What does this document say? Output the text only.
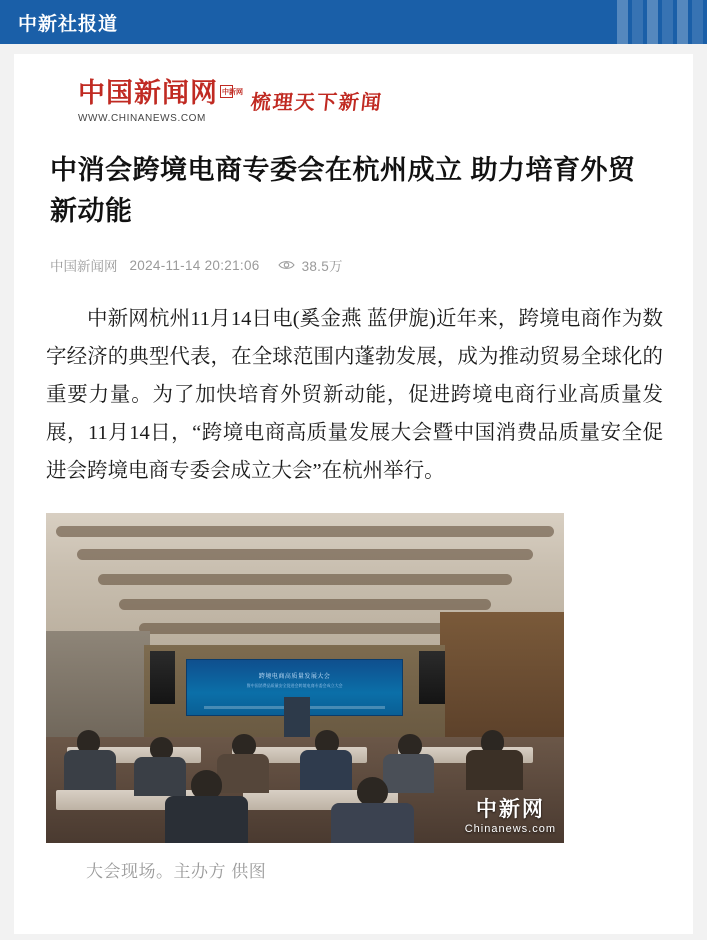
中新社报道
中国新闻网 中新网
WWW.CHINANEWS.COM
梳理天下新闻
中消会跨境电商专委会在杭州成立 助力培育外贸新动能
中国新闻网 2024-11-14 20:21:06	38.5万

中新网杭州11月14日电(奚金燕 蓝伊旎)近年来，跨境电商作为数字经济的典型代表，在全球范围内蓬勃发展，成为推动贸易全球化的重要力量。为了加快培育外贸新动能，促进跨境电商行业高质量发展，11月14日，“跨境电商高质量发展大会暨中国消费品质量安全促进会跨境电商专委会成立大会”在杭州举行。

跨境电商高质量发展大会
暨中国消费品质量安全促进会跨境电商专委会成立大会
中新网
Chinanews.com
大会现场。主办方 供图
